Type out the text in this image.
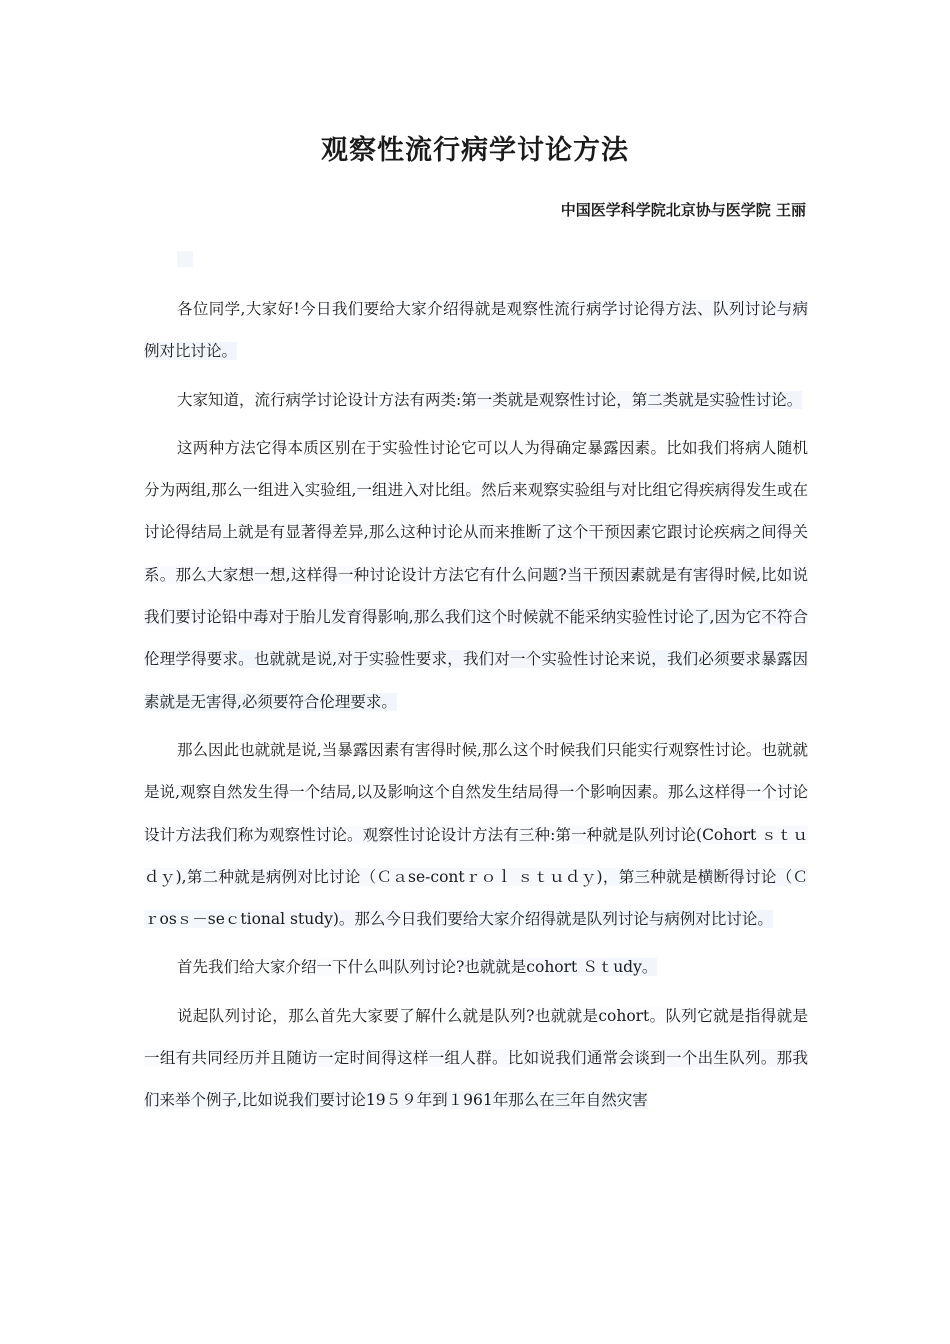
观察性流行病学讨论方法

中国医学科学院北京协与医学院 王丽

各位同学,大家好!今日我们要给大家介绍得就是观察性流行病学讨论得方法、队列讨论与病例对比讨论。

大家知道，流行病学讨论设计方法有两类:第一类就是观察性讨论，第二类就是实验性讨论。

这两种方法它得本质区别在于实验性讨论它可以人为得确定暴露因素。比如我们将病人随机分为两组,那么一组进入实验组,一组进入对比组。然后来观察实验组与对比组它得疾病得发生或在讨论得结局上就是有显著得差异,那么这种讨论从而来推断了这个干预因素它跟讨论疾病之间得关系。那么大家想一想,这样得一种讨论设计方法它有什么问题?当干预因素就是有害得时候,比如说我们要讨论铅中毒对于胎儿发育得影响,那么我们这个时候就不能采纳实验性讨论了,因为它不符合伦理学得要求。也就就是说,对于实验性要求，我们对一个实验性讨论来说，我们必须要求暴露因素就是无害得,必须要符合伦理要求。

那么因此也就就是说,当暴露因素有害得时候,那么这个时候我们只能实行观察性讨论。也就就是说,观察自然发生得一个结局,以及影响这个自然发生结局得一个影响因素。那么这样得一个讨论设计方法我们称为观察性讨论。观察性讨论设计方法有三种:第一种就是队列讨论(Cohort ｓｔｕｄｙ),第二种就是病例对比讨论（Ｃａse-contｒｏｌ ｓｔｕｄｙ)，第三种就是横断得讨论（Ｃｒosｓ－seｃtional study)。那么今日我们要给大家介绍得就是队列讨论与病例对比讨论。

首先我们给大家介绍一下什么叫队列讨论?也就就是cohort Ｓｔudy。

说起队列讨论，那么首先大家要了解什么就是队列?也就就是cohort。队列它就是指得就是一组有共同经历并且随访一定时间得这样一组人群。比如说我们通常会谈到一个出生队列。那我们来举个例子,比如说我们要讨论19５９年到１961年那么在三年自然灾害
